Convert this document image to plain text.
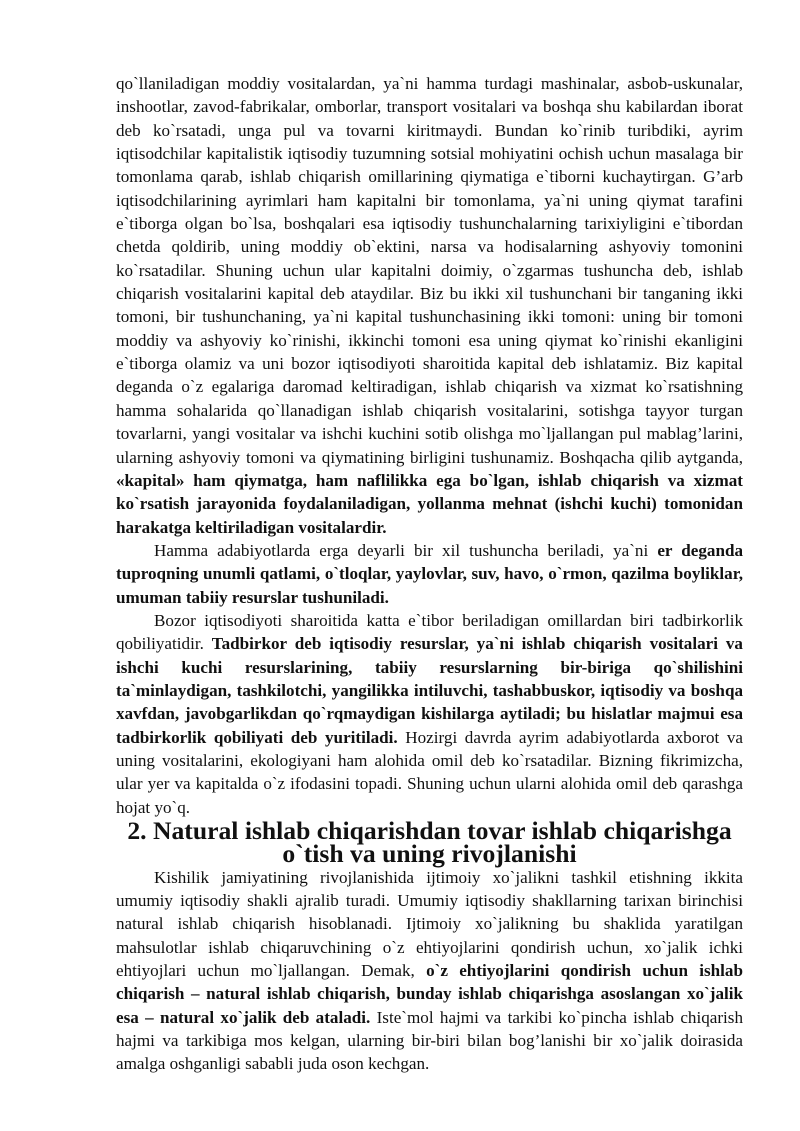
qo`llaniladigan moddiy vositalardan, ya`ni hamma turdagi mashinalar, asbob-uskunalar, inshootlar, zavod-fabrikalar, omborlar, transport vositalari va boshqa shu kabilardan iborat deb ko`rsatadi, unga pul va tovarni kiritmaydi. Bundan ko`rinib turibdiki, ayrim iqtisodchilar kapitalistik iqtisodiy tuzumning sotsial mohiyatini ochish uchun masalaga bir tomonlama qarab, ishlab chiqarish omillarining qiymatiga e`tiborni kuchaytirgan. G’arb iqtisodchilarining ayrimlari ham kapitalni bir tomonlama, ya`ni uning qiymat tarafini e`tiborga olgan bo`lsa, boshqalari esa iqtisodiy tushunchalarning tarixiyligini e`tibordan chetda qoldirib, uning moddiy ob`ektini, narsa va hodisalarning ashyoviy tomonini ko`rsatadilar. Shuning uchun ular kapitalni doimiy, o`zgarmas tushuncha deb, ishlab chiqarish vositalarini kapital deb ataydilar. Biz bu ikki xil tushunchani bir tanganing ikki tomoni, bir tushunchaning, ya`ni kapital tushunchasining ikki tomoni: uning bir tomoni moddiy va ashyoviy ko`rinishi, ikkinchi tomoni esa uning qiymat ko`rinishi ekanligini e`tiborga olamiz va uni bozor iqtisodiyoti sharoitida kapital deb ishlatamiz. Biz kapital deganda o`z egalariga daromad keltiradigan, ishlab chiqarish va xizmat ko`rsatishning hamma sohalarida qo`llanadigan ishlab chiqarish vositalarini, sotishga tayyor turgan tovarlarni, yangi vositalar va ishchi kuchini sotib olishga mo`ljallangan pul mablag’larini, ularning ashyoviy tomoni va qiymatining birligini tushunamiz. Boshqacha qilib aytganda, «kapital» ham qiymatga, ham naflilikka ega bo`lgan, ishlab chiqarish va xizmat ko`rsatish jarayonida foydalaniladigan, yollanma mehnat (ishchi kuchi) tomonidan harakatga keltiriladigan vositalardir.

Hamma adabiyotlarda erga deyarli bir xil tushuncha beriladi, ya`ni er deganda tuproqning unumli qatlami, o`tloqlar, yaylovlar, suv, havo, o`rmon, qazilma boyliklar, umuman tabiiy resurslar tushuniladi.

Bozor iqtisodiyoti sharoitida katta e`tibor beriladigan omillardan biri tadbirkorlik qobiliyatidir. Tadbirkor deb iqtisodiy resurslar, ya`ni ishlab chiqarish vositalari va ishchi kuchi resurslarining, tabiiy resurslarning bir-biriga qo`shilishini ta`minlaydigan, tashkilotchi, yangilikka intiluvchi, tashabbuskor, iqtisodiy va boshqa xavfdan, javobgarlikdan qo`rqmaydigan kishilarga aytiladi; bu hislatlar majmui esa tadbirkorlik qobiliyati deb yuritiladi. Hozirgi davrda ayrim adabiyotlarda axborot va uning vositalarini, ekologiyani ham alohida omil deb ko`rsatadilar. Bizning fikrimizcha, ular yer va kapitalda o`z ifodasini topadi. Shuning uchun ularni alohida omil deb qarashga hojat yo`q.

2. Natural ishlab chiqarishdan tovar ishlab chiqarishga
o`tish va uning rivojlanishi

Kishilik jamiyatining rivojlanishida ijtimoiy xo`jalikni tashkil etishning ikkita umumiy iqtisodiy shakli ajralib turadi. Umumiy iqtisodiy shakllarning tarixan birinchisi natural ishlab chiqarish hisoblanadi. Ijtimoiy xo`jalikning bu shaklida yaratilgan mahsulotlar ishlab chiqaruvchining o`z ehtiyojlarini qondirish uchun, xo`jalik ichki ehtiyojlari uchun mo`ljallangan. Demak, o`z ehtiyojlarini qondirish uchun ishlab chiqarish – natural ishlab chiqarish, bunday ishlab chiqarishga asoslangan xo`jalik esa – natural xo`jalik deb ataladi. Iste`mol hajmi va tarkibi ko`pincha ishlab chiqarish hajmi va tarkibiga mos kelgan, ularning bir-biri bilan bog’lanishi bir xo`jalik doirasida amalga oshganligi sababli juda oson kechgan.
